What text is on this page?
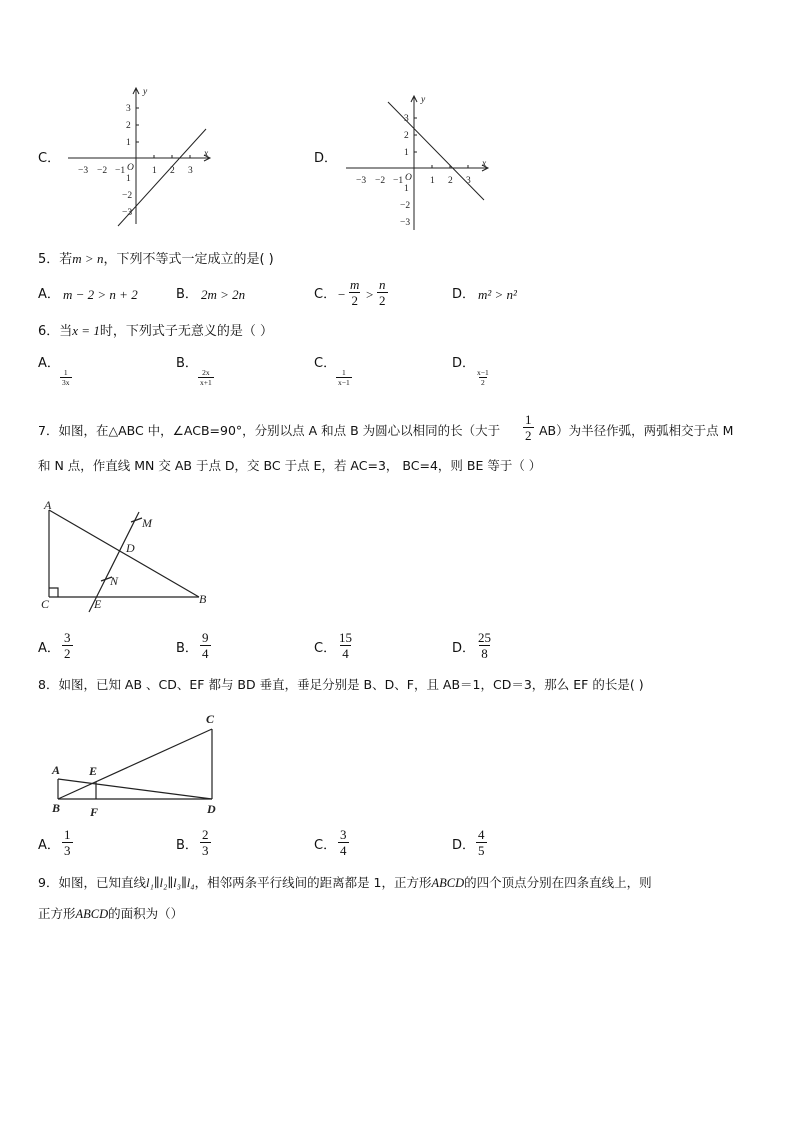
C．
y
x
O
−3 −2 −1	1 2 3
3
2
1
1
−2
−3
D．
y
x
O
−3 −2 −1	1 2 3
3
2
1
1
−2
−3
5．若m > n，下列不等式一定成立的是( )
A． m − 2 > n + 2	B． 2m > 2n	C． − $\frac{m}{2} > \frac{n}{2}$	D． m² > n²
6．当x = 1时，下列式子无意义的是（ ）
A．
$\frac{1}{3x}$
B．
$\frac{2x}{x+1}$
C．
$\frac{1}{x-1}$
D．
$\frac{x-1}{2}$
7．如图，在△ABC 中，∠ACB=90°，分别以点 A 和点 B 为圆心以相同的长（大于 $\frac{1}{2} AB$）为半径作弧，两弧相交于点 M
和 N 点，作直线 MN 交 AB 于点 D，交 BC 于点 E，若 AC=3， BC=4，则 BE 等于（ ）
A
C	B
D
E
M
N
A． $\frac{3}{2}$	B． $\frac{9}{4}$	C． $\frac{15}{4}$	D． $\frac{25}{8}$
8．如图，已知 AB 、CD、EF 都与 BD 垂直，垂足分别是 B、D、F，且 AB＝1，CD＝3，那么 EF 的长是( )
A
B
C
D
E
F
A． $\frac{1}{3}$	B． $\frac{2}{3}$	C． $\frac{3}{4}$	D． $\frac{4}{5}$
9．如图，已知直线l₁∥l₂∥l₃∥l₄，相邻两条平行线间的距离都是 1，正方形ABCD的四个顶点分别在四条直线上，则
正方形ABCD的面积为（）
